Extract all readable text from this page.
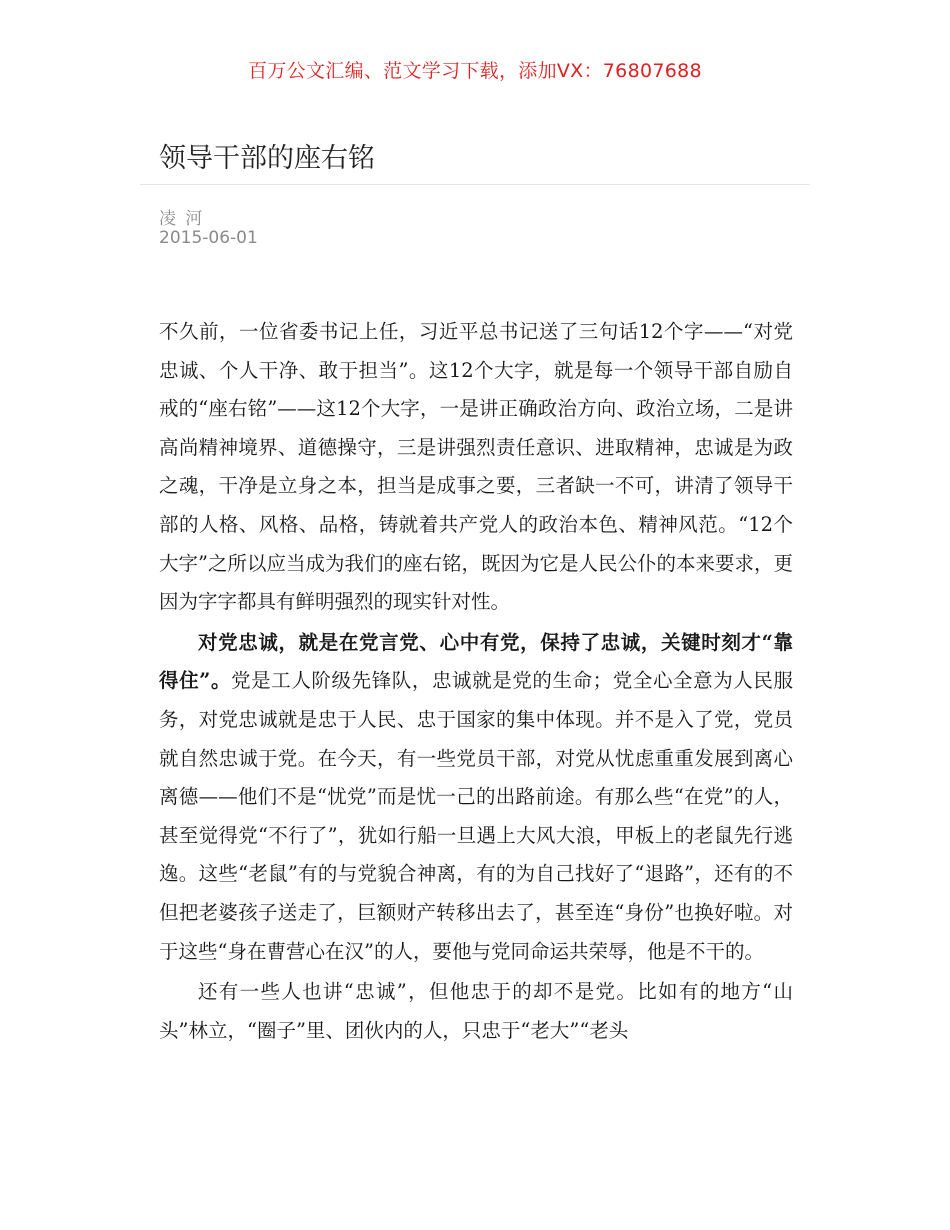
百万公文汇编、范文学习下载，添加VX：76807688
领导干部的座右铭
凌 河
2015-06-01

不久前，一位省委书记上任，习近平总书记送了三句话12个字——“对党忠诚、个人干净、敢于担当”。这12个大字，就是每一个领导干部自励自戒的“座右铭”——这12个大字，一是讲正确政治方向、政治立场，二是讲高尚精神境界、道德操守，三是讲强烈责任意识、进取精神，忠诚是为政之魂，干净是立身之本，担当是成事之要，三者缺一不可，讲清了领导干部的人格、风格、品格，铸就着共产党人的政治本色、精神风范。“12个大字”之所以应当成为我们的座右铭，既因为它是人民公仆的本来要求，更因为字字都具有鲜明强烈的现实针对性。

对党忠诚，就是在党言党、心中有党，保持了忠诚，关键时刻才“靠得住”。党是工人阶级先锋队，忠诚就是党的生命；党全心全意为人民服务，对党忠诚就是忠于人民、忠于国家的集中体现。并不是入了党，党员就自然忠诚于党。在今天，有一些党员干部，对党从忧虑重重发展到离心离德——他们不是“忧党”而是忧一己的出路前途。有那么些“在党”的人，甚至觉得党“不行了”，犹如行船一旦遇上大风大浪，甲板上的老鼠先行逃逸。这些“老鼠”有的与党貌合神离，有的为自己找好了“退路”，还有的不但把老婆孩子送走了，巨额财产转移出去了，甚至连“身份”也换好啦。对于这些“身在曹营心在汉”的人，要他与党同命运共荣辱，他是不干的。

还有一些人也讲“忠诚”，但他忠于的却不是党。比如有的地方“山头”林立，“圈子”里、团伙内的人，只忠于“老大”“老头
